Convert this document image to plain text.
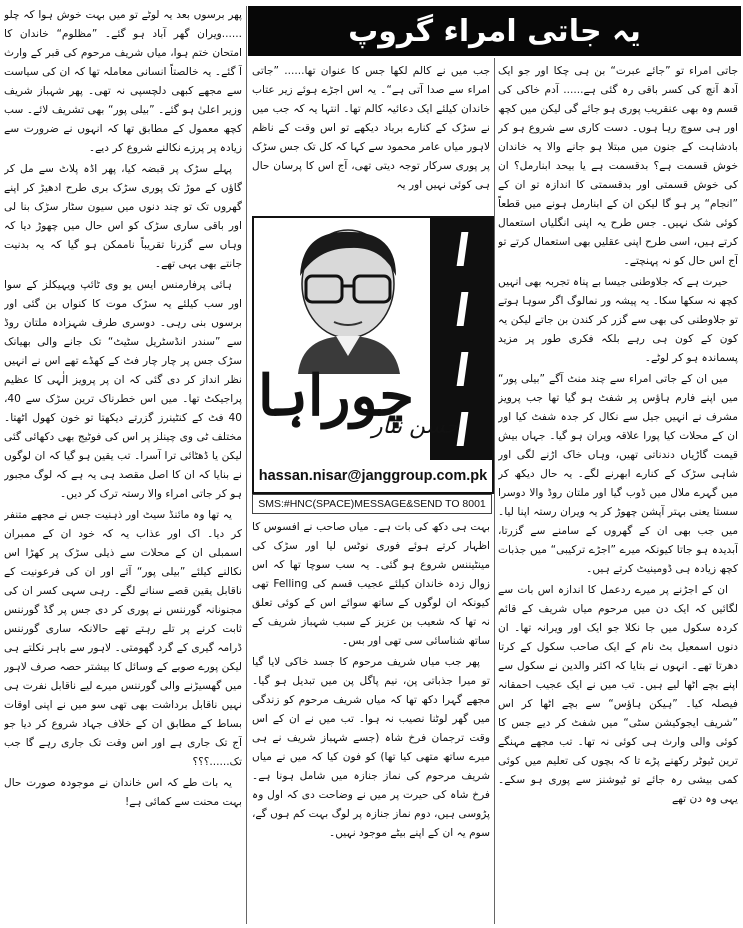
یہ جاتی امراء گروپ

جاتی امراء تو ”جائے عبرت“ بن ہی چکا اور جو ایک آدھ آنچ کی کسر باقی رہ گئی ہے...... آدم خاکی کی قسم وہ بھی عنقریب پوری ہو جائے گی لیکن میں کچھ اور ہی سوچ رہا ہوں۔ دست کاری سے شروع ہو کر بادشاہت کے جنون میں مبتلا ہو جانے والا یہ خاندان خوش قسمت ہے؟ بدقسمت ہے یا بیحد ابنارمل؟ ان کی خوش قسمتی اور بدقسمتی کا اندازہ تو ان کے ”انجام“ پر ہو گا لیکن ان کے ابنارمل ہونے میں قطعاً کوئی شک نہیں۔ جس طرح یہ اپنی انگلیاں استعمال کرتے ہیں، اسی طرح اپنی عقلیں بھی استعمال کرتے تو آج اس حال کو نہ پہنچتے۔

حیرت ہے کہ جلاوطنی جیسا بے پناہ تجربہ بھی انہیں کچھ نہ سکھا سکا۔ یہ پیشہ ور نمالوگ اگر سوہا ہوتے تو جلاوطنی کی بھی سے گزر کر کندن بن جاتے لیکن یہ کون کے کون ہی رہے بلکہ فکری طور پر مزید پسماندہ ہو کر لوٹے۔

میں ان کے جاتی امراء سے چند منٹ آگے ”بیلی پور“ میں اپنے فارم ہاؤس پر شفٹ ہو گیا تھا جب پرویز مشرف نے انہیں جیل سے نکال کر جدہ شفٹ کیا اور ان کے محلات کیا پورا علاقہ ویران ہو گیا۔ جہاں بیش قیمت گاڑیاں دندناتی تھیں، وہاں خاک اڑنے لگی اور شاہی سڑک کے کنارے ابھرنے لگے۔ یہ حال دیکھ کر میں گہرے ملال میں ڈوب گیا اور ملتان روڈ والا دوسرا سستا یعنی بہتر آپشن چھوڑ کر یہ ویران رستہ اپنا لیا۔ میں جب بھی ان کے گھروں کے سامنے سے گزرتا، آبدیدہ ہو جاتا کیونکہ میرے ”اجڑے ترکیبی“ میں جذبات کچھ زیادہ ہی ڈومینیٹ کرتے ہیں۔

ان کے اجڑنے پر میرے ردعمل کا اندازہ اس بات سے لگائیں کہ ایک دن میں مرحوم میاں شریف کے قائم کردہ سکول میں جا نکلا جو ایک اور ویرانہ تھا۔ ان دنوں اسمعیل بٹ نام کے ایک صاحب سکول کے کرتا دھرتا تھے۔ انہوں نے بتایا کہ اکثر والدین نے سکول سے اپنے بچے اٹھا لیے ہیں۔ تب میں نے ایک عجیب احمقانہ فیصلہ کیا۔ ”ہیکن ہاؤس“ سے بچے اٹھا کر اس ”شریف ایجوکیشن سٹی“ میں شفٹ کر دیے جس کا کوئی والی وارث ہی کوئی نہ تھا۔ تب مجھے مہنگے ترین ٹیوٹر رکھنے پڑے تا کہ بچوں کی تعلیم میں کوئی کمی بیشی رہ جائے تو ٹیوشنز سے پوری ہو سکے۔ یہی وہ دن تھے

جب میں نے کالم لکھا جس کا عنوان تھا...... ”جاتی امراء سے صدا آتی ہے“۔ یہ اس اجڑے ہوئے زیر عتاب خاندان کیلئے ایک دعائیہ کالم تھا۔ انتہا یہ کہ جب میں نے سڑک کے کنارے برباد دیکھے تو اس وقت کے ناظم لاہور میاں عامر محمود سے کہا کہ کل تک جس سڑک پر پوری سرکار توجہ دیتی تھی، آج اس کا پرسان حال ہی کوئی نہیں اور یہ

چوراہا
حسن نثار
hassan.nisar@janggroup.com.pk
SMS:#HNC(SPACE)MESSAGE&SEND TO 8001

بہت ہی دکھ کی بات ہے۔ میاں صاحب نے افسوس کا اظہار کرتے ہوئے فوری نوٹس لیا اور سڑک کی مینٹیننس شروع ہو گئی۔ یہ سب سوچا تھا کہ اس زوال زدہ خاندان کیلئے عجیب قسم کی Felling تھی کیونکہ ان لوگوں کے ساتھ سوائے اس کے کوئی تعلق نہ تھا کہ شعیب بن عزیز کے سبب شہباز شریف کے ساتھ شناسائی سی تھی اور بس۔

پھر جب میاں شریف مرحوم کا جسد خاکی لایا گیا تو میرا جذباتی پن، نیم پاگل پن میں تبدیل ہو گیا۔ مجھے گہرا دکھ تھا کہ میاں شریف مرحوم کو زندگی میں گھر لوٹنا نصیب نہ ہوا۔ تب میں نے ان کے اس وقت ترجمان فرخ شاہ (جسے شہباز شریف نے ہی میرے ساتھ متھی کیا تھا) کو فون کیا کہ میں نے میاں شریف مرحوم کی نماز جنازہ میں شامل ہونا ہے۔ فرخ شاہ کی حیرت پر میں نے وضاحت دی کہ اول وہ پڑوسی ہیں، دوم نماز جنازہ پر لوگ بہت کم ہوں گے، سوم یہ ان کے اپنے بیٹے موجود نہیں۔

پھر برسوں بعد یہ لوٹے تو میں بہت خوش ہوا کہ چلو ......ویران گھر آباد ہو گئے۔ ”مظلوم“ خاندان کا امتحان ختم ہوا، میاں شریف مرحوم کی قبر کے وارث آ گئے۔ یہ خالصتاً انسانی معاملہ تھا کہ ان کی سیاست سے مجھے کبھی دلچسپی نہ تھی۔ پھر شہباز شریف وزیر اعلیٰ ہو گئے۔ ”بیلی پور“ بھی تشریف لائے۔ سب کچھ معمول کے مطابق تھا کہ انہوں نے ضرورت سے زیادہ پر پرزے نکالنے شروع کر دیے۔

پہلے سڑک پر قبضہ کیا، پھر اڈہ پلاٹ سے مل کر گاؤں کے موڑ تک پوری سڑک بری طرح ادھیڑ کر اپنے گھروں تک تو چند دنوں میں سیون سٹار سڑک بنا لی اور باقی ساری سڑک کو اس حال میں چھوڑ دیا کہ وہاں سے گزرنا تقریباً ناممکن ہو گیا کہ یہ بدنیت جانتے بھی یہی تھے۔

ہائی پرفارمنس ایس یو وی ٹائپ ویہیکلز کے سوا اور سب کیلئے یہ سڑک موت کا کنواں بن گئی اور برسوں بنی رہی۔ دوسری طرف شہزادہ ملتان روڈ سے ”سندر انڈسٹریل سٹیٹ“ تک جانے والی بھیانک سڑک جس پر چار چار فٹ کے کھڈے تھے اس نے انہیں نظر انداز کر دی گئی کہ ان پر پرویز الٰہی کا عظیم پراجیکٹ تھا۔ میں اس خطرناک ترین سڑک سے 40، 40 فٹ کے کنٹینرز گزرتے دیکھتا تو خون کھول اٹھتا۔ مختلف ٹی وی چینلز پر اس کی فوٹیج بھی دکھائی گئی لیکن یا ڈھٹائی ترا آسرا۔ تب یقین ہو گیا کہ ان لوگوں نے بنایا کہ ان کا اصل مقصد ہی یہ ہے کہ لوگ مجبور ہو کر جاتی امراء والا رستہ ترک کر دیں۔

یہ تھا وہ مائنڈ سیٹ اور ذہنیت جس نے مجھے متنفر کر دیا۔ اک اور عذاب یہ کہ خود ان کے ممبران اسمبلی ان کے محلات سے ذیلی سڑک پر کھڑا اس نکالنے کیلئے ”بیلی پور“ آئے اور ان کی فرعونیت کے ناقابل یقین قصے سنانے لگے۔ رہی سہی کسر ان کی مجنونانہ گورننس نے پوری کر دی جس پر گڈ گورننس ثابت کرنے پر تلے رہتے تھے حالانکہ ساری گورننس ڈرامہ گیری کے گرد گھومتی۔ لاہور سے باہر نکلتے ہی لیکن پورے صوبے کے وسائل کا بیشتر حصہ صرف لاہور میں گھسیڑنے والی گورننس میرے لیے ناقابل نفرت ہی نہیں ناقابل برداشت بھی تھی سو میں نے اپنی اوقات بساط کے مطابق ان کے خلاف جہاد شروع کر دیا جو آج تک جاری ہے اور اس وقت تک جاری رہے گا جب تک......؟؟؟

یہ بات طے کہ اس خاندان نے موجودہ صورت حال بہت محنت سے کمائی ہے!
